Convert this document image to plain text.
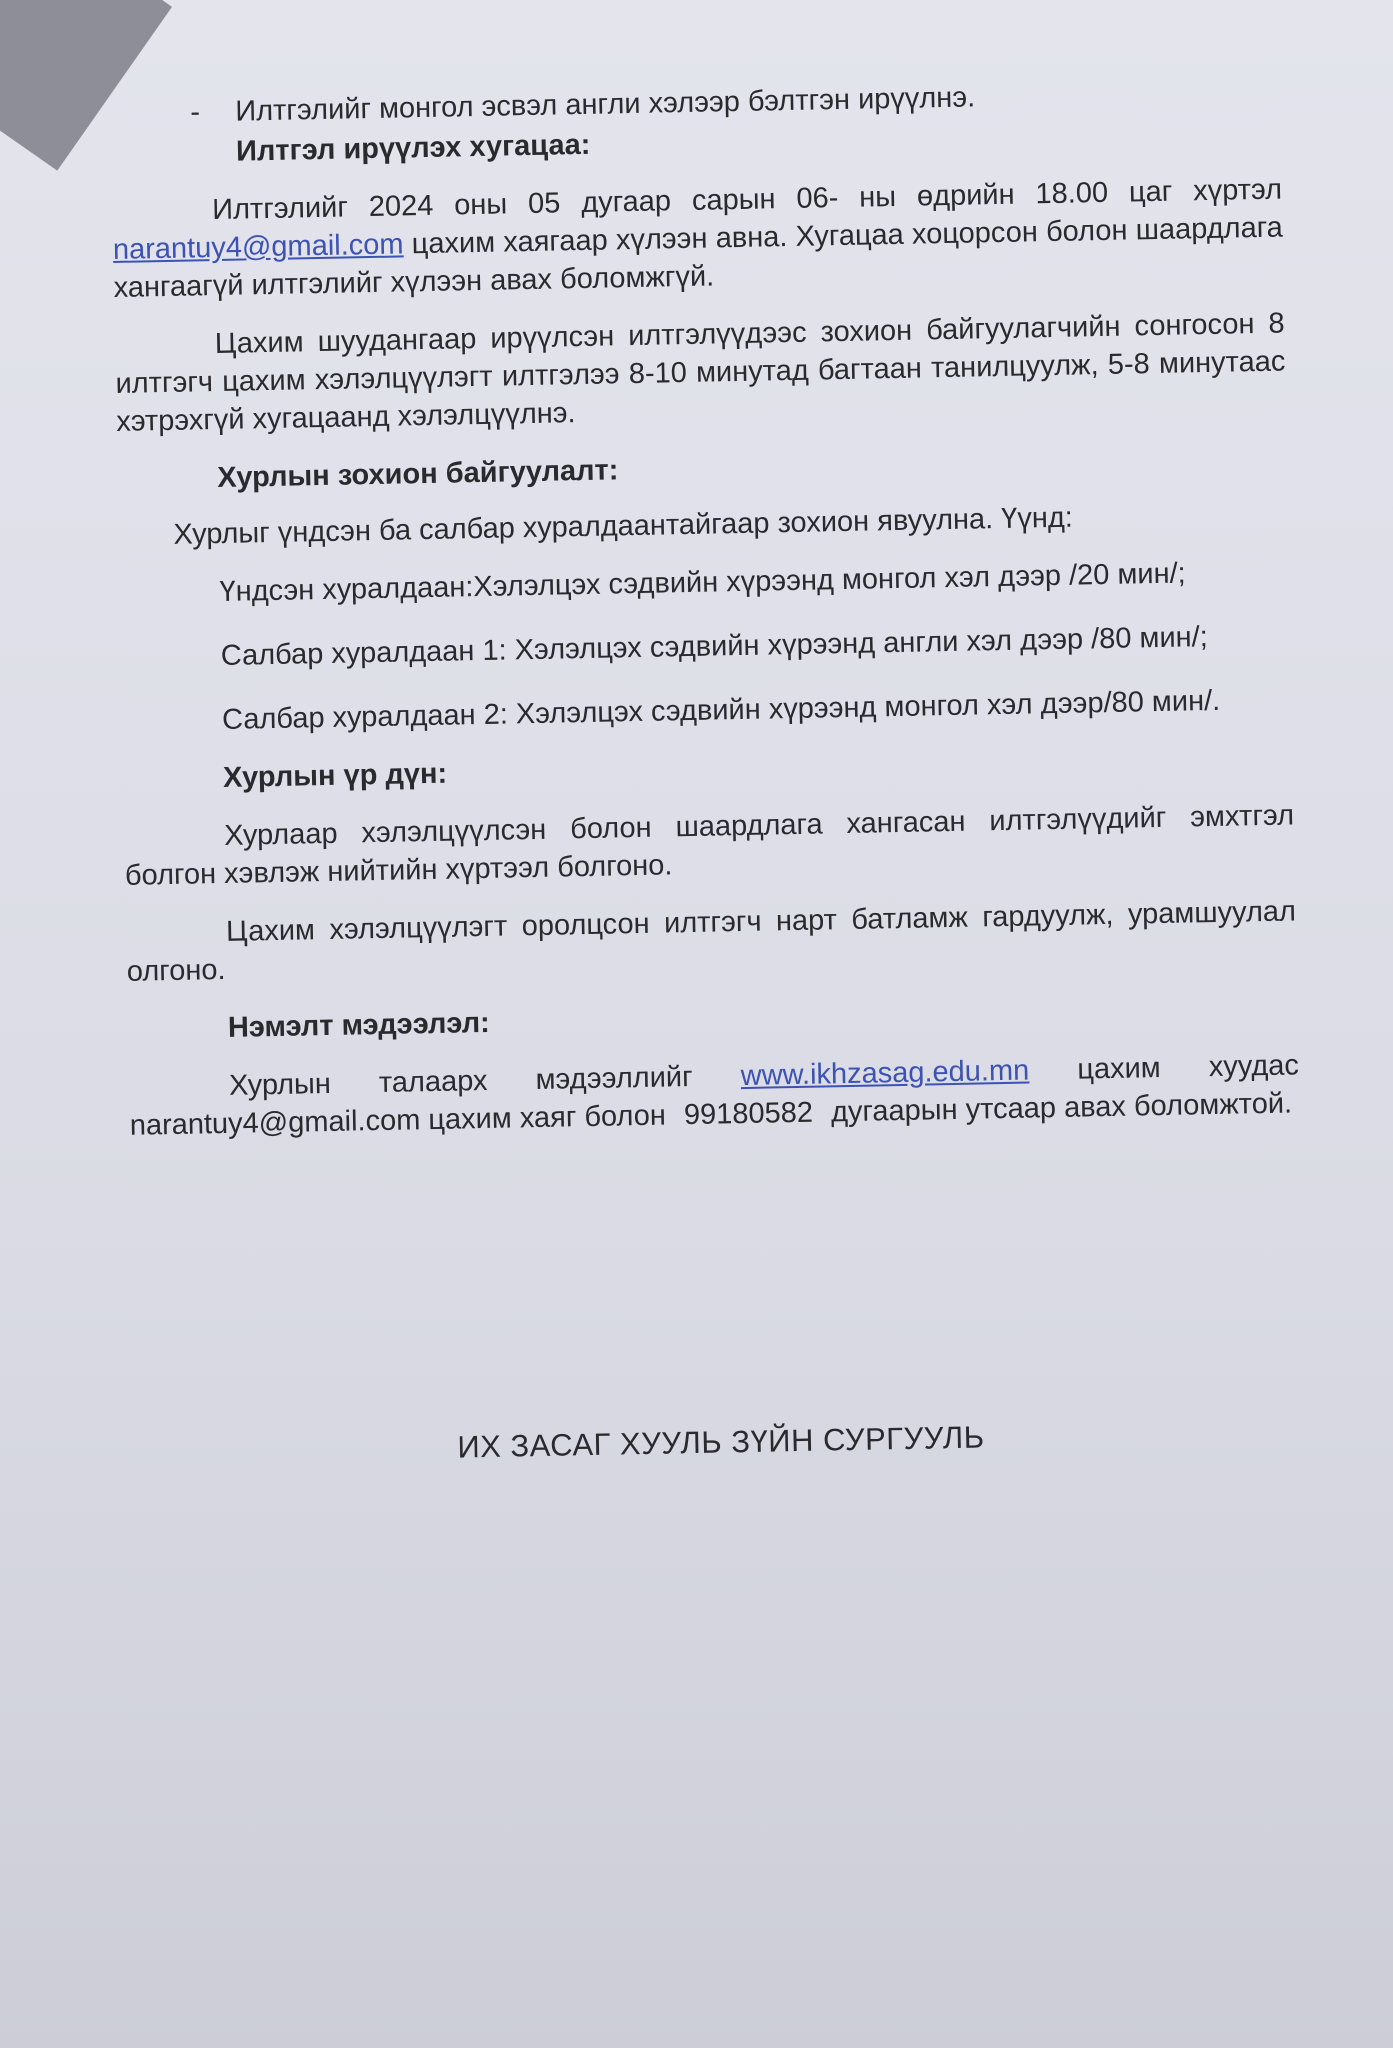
- Илтгэлийг монгол эсвэл англи хэлээр бэлтгэн ирүүлнэ.
Илтгэл ирүүлэх хугацаа:

Илтгэлийг 2024 оны 05 дугаар сарын 06- ны өдрийн 18.00 цаг хүртэл narantuy4@gmail.com цахим хаягаар хүлээн авна. Хугацаа хоцорсон болон шаардлага хангаагүй илтгэлийг хүлээн авах боломжгүй.

Цахим шуудангаар ирүүлсэн илтгэлүүдээс зохион байгуулагчийн сонгосон 8 илтгэгч цахим хэлэлцүүлэгт илтгэлээ 8-10 минутад багтаан танилцуулж, 5-8 минутаас хэтрэхгүй хугацаанд хэлэлцүүлнэ.

Хурлын зохион байгуулалт:
Хурлыг үндсэн ба салбар хуралдаантайгаар зохион явуулна. Үүнд:

Үндсэн хуралдаан:Хэлэлцэх сэдвийн хүрээнд монгол хэл дээр /20 мин/;

Салбар хуралдаан 1: Хэлэлцэх сэдвийн хүрээнд англи хэл дээр /80 мин/;

Салбар хуралдаан 2: Хэлэлцэх сэдвийн хүрээнд монгол хэл дээр/80 мин/.

Хурлын үр дүн:

Хурлаар хэлэлцүүлсэн болон шаардлага хангасан илтгэлүүдийг эмхтгэл болгон хэвлэж нийтийн хүртээл болгоно.

Цахим хэлэлцүүлэгт оролцсон илтгэгч нарт батламж гардуулж, урамшуулал олгоно.

Нэмэлт мэдээлэл:

Хурлын талаарх мэдээллийг www.ikhzasag.edu.mn цахим хуудас narantuy4@gmail.com цахим хаяг болон 99180582 дугаарын утсаар авах боломжтой.

ИХ ЗАСАГ ХУУЛЬ ЗҮЙН СУРГУУЛЬ
